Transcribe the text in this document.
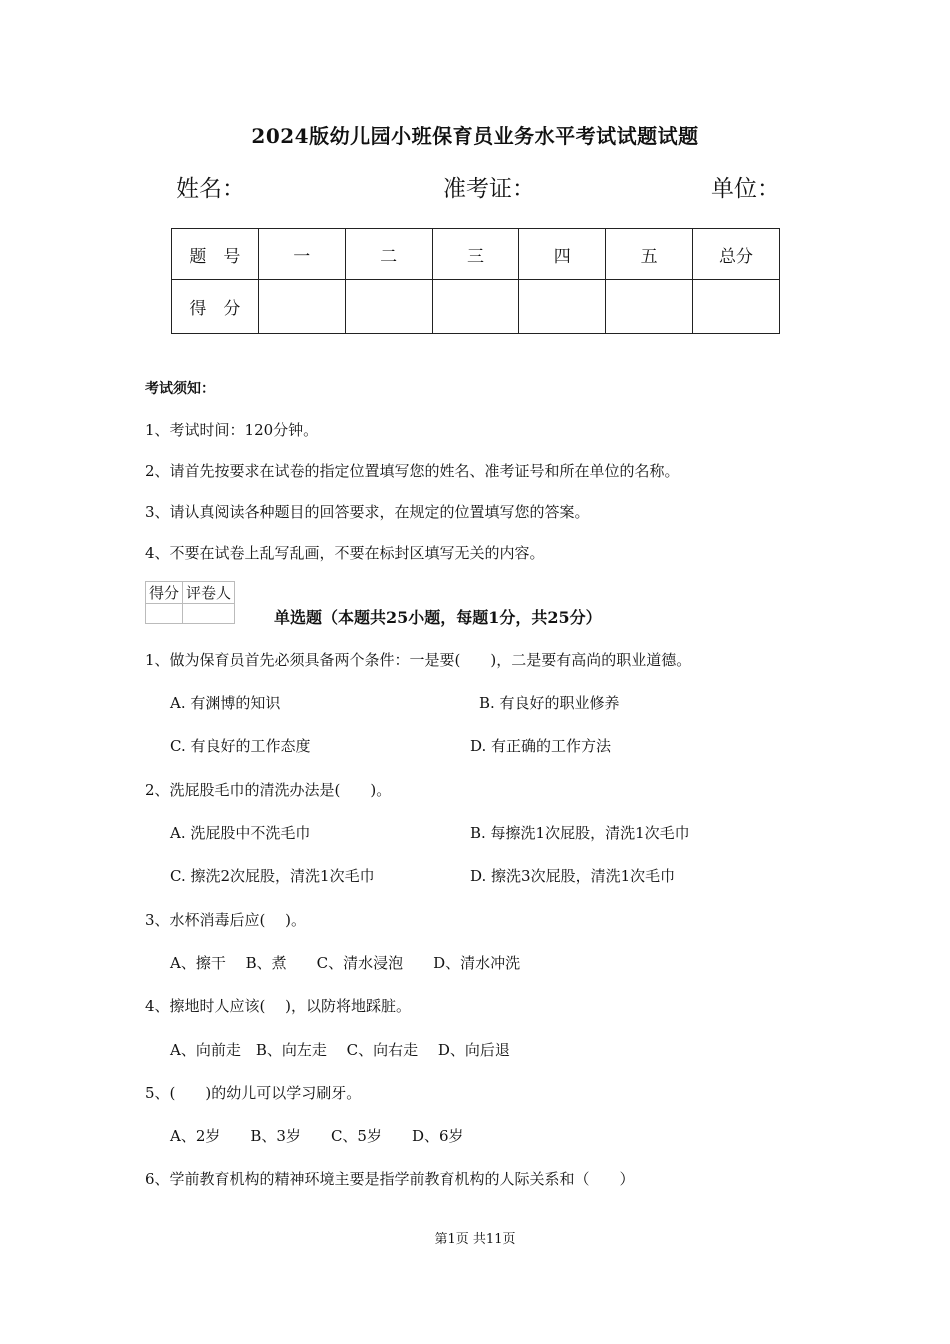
2024版幼儿园小班保育员业务水平考试试题试题
姓名：	准考证：	单位：
题　号	一	二	三	四	五	总分
得　分						
考试须知：
1、考试时间：120分钟。
2、请首先按要求在试卷的指定位置填写您的姓名、准考证号和所在单位的名称。
3、请认真阅读各种题目的回答要求，在规定的位置填写您的答案。
4、不要在试卷上乱写乱画，不要在标封区填写无关的内容。
得分	评卷人

单选题（本题共25小题，每题1分，共25分）
1、做为保育员首先必须具备两个条件：一是要(　　)，二是要有高尚的职业道德。
A. 有渊博的知识	B. 有良好的职业修养
C. 有良好的工作态度	D. 有正确的工作方法
2、洗屁股毛巾的清洗办法是(　　)。
A. 洗屁股中不洗毛巾	B. 每擦洗1次屁股，清洗1次毛巾
C. 擦洗2次屁股，清洗1次毛巾	D. 擦洗3次屁股，清洗1次毛巾
3、水杯消毒后应(　 )。
A、擦干　 B、煮　　C、清水浸泡　　D、清水冲洗
4、擦地时人应该(　 )，以防将地踩脏。
A、向前走　B、向左走　 C、向右走　 D、向后退
5、(　　)的幼儿可以学习刷牙。
A、2岁　　B、3岁　　C、5岁　　D、6岁
6、学前教育机构的精神环境主要是指学前教育机构的人际关系和（　　）
第1页 共11页
